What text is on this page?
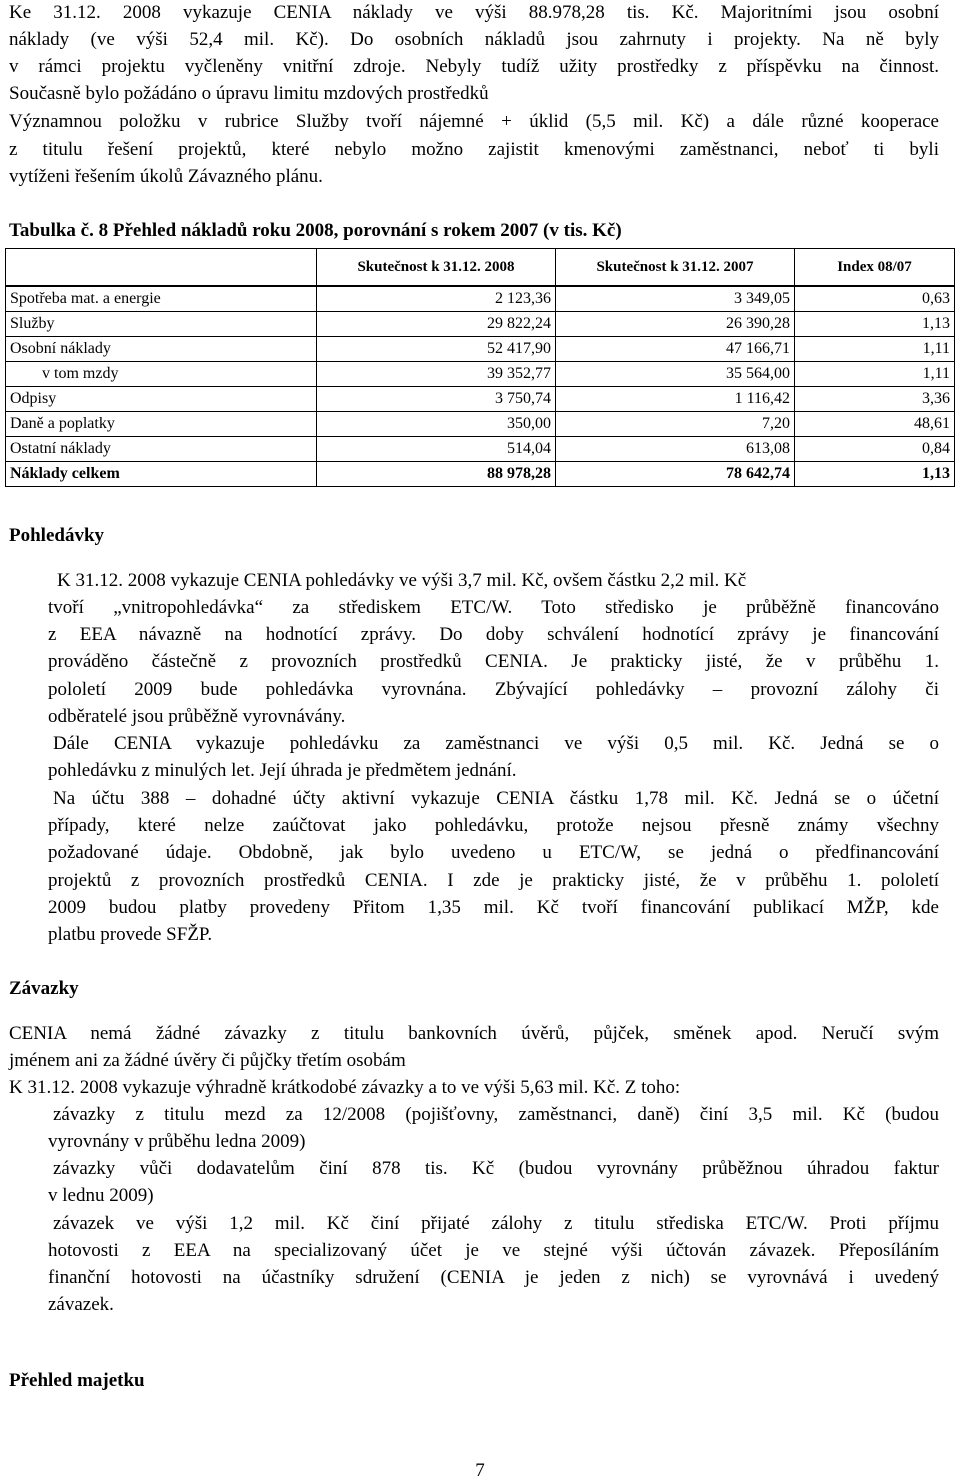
Ke 31.12. 2008 vykazuje CENIA náklady ve výši 88.978,28 tis. Kč. Majoritními jsou osobní
náklady (ve výši 52,4 mil. Kč). Do osobních nákladů jsou zahrnuty i projekty. Na ně byly
v rámci projektu vyčleněny vnitřní zdroje. Nebyly tudíž užity prostředky z příspěvku na činnost.
Současně bylo požádáno o úpravu limitu mzdových prostředků
Významnou položku v rubrice Služby tvoří nájemné + úklid (5,5 mil. Kč) a dále různé kooperace
z titulu řešení projektů, které nebylo možno zajistit kmenovými zaměstnanci, neboť ti byli
vytíženi řešením úkolů Závazného plánu.
Tabulka č. 8 Přehled nákladů roku 2008, porovnání s rokem 2007 (v tis. Kč)
	Skutečnost k 31.12. 2008	Skutečnost k 31.12. 2007	Index 08/07
Spotřeba mat. a energie	2 123,36	3 349,05	0,63
Služby	29 822,24	26 390,28	1,13
Osobní náklady	52 417,90	47 166,71	1,11
v tom mzdy	39 352,77	35 564,00	1,11
Odpisy	3 750,74	1 116,42	3,36
Daně a poplatky	350,00	7,20	48,61
Ostatní náklady	514,04	613,08	0,84
Náklady celkem	88 978,28	78 642,74	1,13
Pohledávky
K 31.12. 2008 vykazuje CENIA pohledávky ve výši 3,7 mil. Kč, ovšem částku 2,2 mil. Kč
tvoří „vnitropohledávka“ za střediskem ETC/W. Toto středisko je průběžně financováno
z EEA návazně na hodnotící zprávy. Do doby schválení hodnotící zprávy je financování
prováděno částečně z provozních prostředků CENIA. Je prakticky jisté, že v průběhu 1.
pololetí 2009 bude pohledávka vyrovnána. Zbývající pohledávky – provozní zálohy či
odběratelé jsou průběžně vyrovnávány.
Dále CENIA vykazuje pohledávku za zaměstnanci ve výši 0,5 mil. Kč. Jedná se o
pohledávku z minulých let. Její úhrada je předmětem jednání.
Na účtu 388 – dohadné účty aktivní vykazuje CENIA částku 1,78 mil. Kč. Jedná se o účetní
případy, které nelze zaúčtovat jako pohledávku, protože nejsou přesně známy všechny
požadované údaje. Obdobně, jak bylo uvedeno u ETC/W, se jedná o předfinancování
projektů z provozních prostředků CENIA. I zde je prakticky jisté, že v průběhu 1. pololetí
2009 budou platby provedeny Přitom 1,35 mil. Kč tvoří financování publikací MŽP, kde
platbu provede SFŽP.
Závazky
CENIA nemá žádné závazky z titulu bankovních úvěrů, půjček, směnek apod. Neručí svým
jménem ani za žádné úvěry či půjčky třetím osobám
K 31.12. 2008 vykazuje výhradně krátkodobé závazky a to ve výši 5,63 mil. Kč. Z toho:
závazky z titulu mezd za 12/2008 (pojišťovny, zaměstnanci, daně) činí 3,5 mil. Kč (budou
vyrovnány v průběhu ledna 2009)
závazky vůči dodavatelům činí 878 tis. Kč (budou vyrovnány průběžnou úhradou faktur
v lednu 2009)
závazek ve výši 1,2 mil. Kč činí přijaté zálohy z titulu střediska ETC/W. Proti příjmu
hotovosti z EEA na specializovaný účet je ve stejné výši účtován závazek. Přeposíláním
finanční hotovosti na účastníky sdružení (CENIA je jeden z nich) se vyrovnává i uvedený
závazek.
Přehled majetku
7
